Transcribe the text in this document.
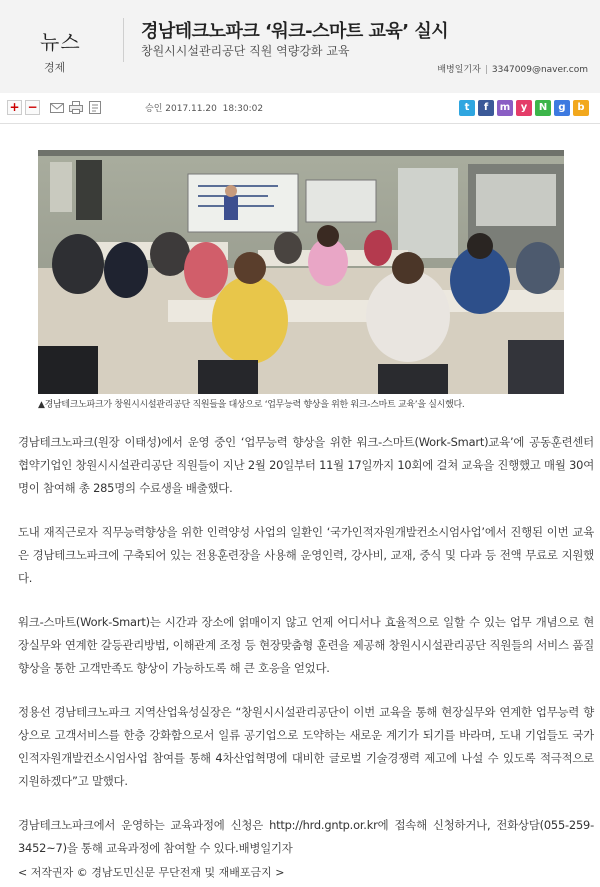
뉴스
경제
경남테크노파크 ‘워크-스마트 교육’ 실시
창원시시설관리공단 직원 역량강화 교육
배병일기자 | 3347009@naver.com
+ −	승인 2017.11.20 18:30:02	t	f	m	y	N	g	b
▲경남테크노파크가 창원시시설관리공단 직원들을 대상으로 ‘업무능력 향상을 위한 워크-스마트 교육’을 실시했다.

경남테크노파크(원장 이태성)에서 운영 중인 ‘업무능력 향상을 위한 워크-스마트(Work-Smart)교육’에 공동훈련센터 협약기업인 창원시시설관리공단 직원들이 지난 2월 20일부터 11월 17일까지 10회에 걸쳐 교육을 진행했고 매월 30여명이 참여해 총 285명의 수료생을 배출했다.

도내 재직근로자 직무능력향상을 위한 인력양성 사업의 일환인 ‘국가인적자원개발컨소시엄사업’에서 진행된 이번 교육은 경남테크노파크에 구축되어 있는 전용훈련장을 사용해 운영인력, 강사비, 교재, 중식 및 다과 등 전액 무료로 지원했다.

워크-스마트(Work-Smart)는 시간과 장소에 얽매이지 않고 언제 어디서나 효율적으로 일할 수 있는 업무 개념으로 현장실무와 연계한 갈등관리방법, 이해관계 조정 등 현장맞춤형 훈련을 제공해 창원시시설관리공단 직원들의 서비스 품질 향상을 통한 고객만족도 향상이 가능하도록 해 큰 호응을 얻었다.

정용선 경남테크노파크 지역산업육성실장은 “창원시시설관리공단이 이번 교육을 통해 현장실무와 연계한 업무능력 향상으로 고객서비스를 한층 강화함으로서 일류 공기업으로 도약하는 새로운 계기가 되기를 바라며, 도내 기업들도 국가인적자원개발컨소시엄사업 참여를 통해 4차산업혁명에 대비한 글로벌 기술경쟁력 제고에 나설 수 있도록 적극적으로 지원하겠다”고 말했다.

경남테크노파크에서 운영하는 교육과정에 신청은 http://hrd.gntp.or.kr에 접속해 신청하거나, 전화상담(055-259-3452~7)을 통해 교육과정에 참여할 수 있다.배병일기자

< 저작권자 © 경남도민신문 무단전재 및 재배포금지 >
